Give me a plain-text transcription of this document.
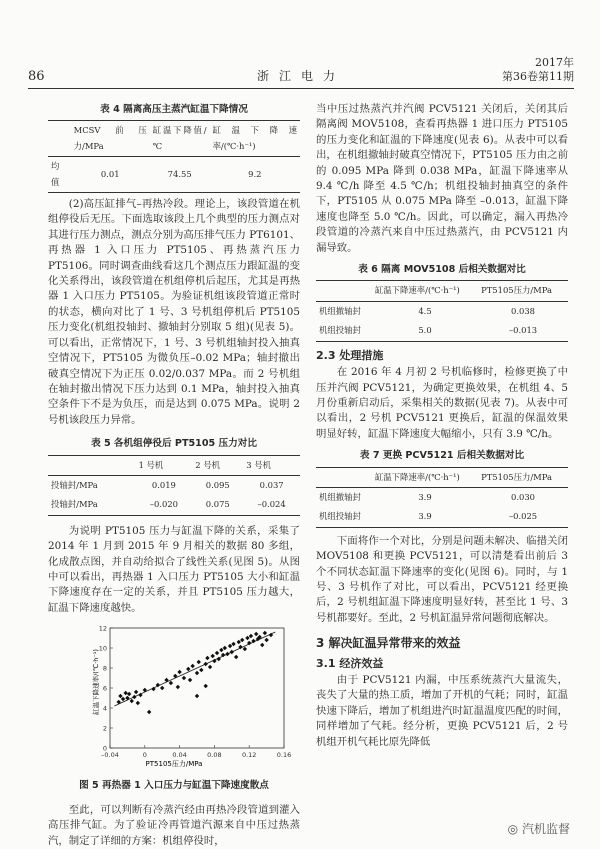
86	浙江电力
2017年
第36卷第11期
表 4 隔离高压主蒸汽缸温下降情况
	MCSV前压力/MPa	缸温下降值/℃	缸温下降速率/(℃·h⁻¹)
均值	0.01	74.55	9.2

(2)高压缸排气–再热冷段。理论上，该段管道在机组停役后无压。下面选取该段上几个典型的压力测点对其进行压力测点，测点分别为高压排气压力 PT6101、再热器 1 入口压力 PT5105、再热蒸汽压力 PT5106。同时调查曲线看这几个测点压力跟缸温的变化关系得出，该段管道在机组停机后起压，尤其是再热器 1 入口压力 PT5105。为验证机组该段管道正常时的状态，横向对比了 1 号、3 号机组停机后 PT5105 压力变化(机组投轴封、撤轴封分别取 5 组)(见表 5)。可以看出，正常情况下，1 号、3 号机组轴封投入抽真空情况下，PT5105 为微负压–0.02 MPa；轴封撤出破真空情况下为正压 0.02/0.037 MPa。而 2 号机组在轴封撤出情况下压力达到 0.1 MPa，轴封投入抽真空条件下不是为负压，而是达到 0.075 MPa。说明 2 号机该段压力异常。

表 5 各机组停役后 PT5105 压力对比
	1 号机	2 号机	3 号机
投轴封/MPa	0.019	0.095	0.037
投轴封/MPa	–0.020	0.075	–0.024

为说明 PT5105 压力与缸温下降的关系，采集了 2014 年 1 月到 2015 年 9 月相关的数据 80 多组，化成散点图，并自动给拟合了线性关系(见图 5)。从图中可以看出，再热器 1 入口压力 PT5105 大小和缸温下降速度存在一定的关系，并且 PT5105 压力越大，缸温下降速度越快。

–0.04	0	0.04	0.08	0.12	0.16
0
2
4
6
8
10
12
PT5105压力/MPa
缸温下降速率/(℃·h⁻¹)
图 5 再热器 1 入口压力与缸温下降速度散点

至此，可以判断有冷蒸汽经由再热冷段管道到灌入高压排气缸。为了验证冷再管道汽源来自中压过热蒸汽，制定了详细的方案：机组停役时，

当中压过热蒸汽并汽阀 PCV5121 关闭后，关闭其后隔离阀 MOV5108，查看再热器 1 进口压力 PT5105 的压力变化和缸温的下降速度(见表 6)。从表中可以看出，在机组撤轴封破真空情况下，PT5105 压力由之前的 0.095 MPa 降到 0.038 MPa，缸温下降速率从 9.4 ℃/h 降至 4.5 ℃/h；机组投轴封抽真空的条件下，PT5105 从 0.075 MPa 降至 –0.013，缸温下降速度也降至 5.0 ℃/h。因此，可以确定，漏入再热冷段管道的冷蒸汽来自中压过热蒸汽，由 PCV5121 内漏导致。

表 6 隔离 MOV5108 后相关数据对比
	缸温下降速率/(℃·h⁻¹)	PT5105压力/MPa
机组撤轴封	4.5	0.038
机组投轴封	5.0	–0.013
2.3 处理措施

在 2016 年 4 月初 2 号机临修时，检修更换了中压并汽阀 PCV5121，为确定更换效果，在机组 4、5 月份重新启动后，采集相关的数据(见表 7)。从表中可以看出，2 号机 PCV5121 更换后，缸温的保温效果明显好转，缸温下降速度大幅缩小，只有 3.9 ℃/h。

表 7 更换 PCV5121 后相关数据对比
	缸温下降速率/(℃·h⁻¹)	PT5105压力/MPa
机组撤轴封	3.9	0.030
机组投轴封	3.9	–0.025

下面将作一个对比，分别是问题未解决、临措关闭 MOV5108 和更换 PCV5121，可以清楚看出前后 3 个不同状态缸温下降速率的变化(见图 6)。同时，与 1 号、3 号机作了对比，可以看出，PCV5121 经更换后，2 号机组缸温下降速度明显好转，甚至比 1 号、3 号机都要好。至此，2 号机缸温异常问题彻底解决。

3 解决缸温异常带来的效益
3.1 经济效益

由于 PCV5121 内漏，中压系统蒸汽大量流失，丧失了大量的热工质，增加了开机的气耗；同时，缸温快速下降后，增加了机组进汽时缸温温度匹配的时间，同样增加了气耗。经分析，更换 PCV5121 后，2 号机组开机气耗比原先降低

◎ 汽机监督
